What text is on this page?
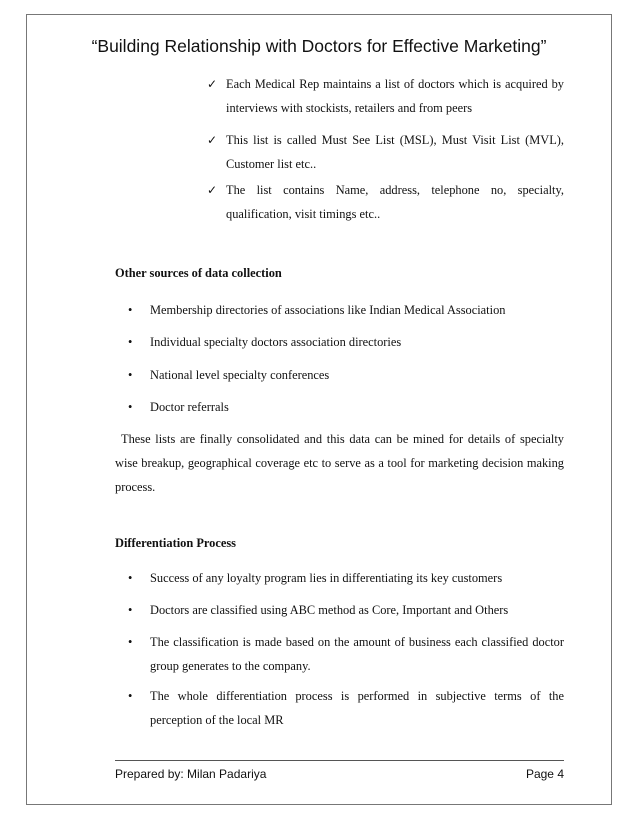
“Building Relationship with Doctors for Effective Marketing”
✓ Each Medical Rep maintains a list of doctors which is acquired by interviews with stockists, retailers and from peers
✓ This list is called Must See List (MSL), Must Visit List (MVL), Customer list etc..
✓ The list contains Name, address, telephone no, specialty, qualification, visit timings etc..
Other sources of data collection
• Membership directories of associations like Indian Medical Association
• Individual specialty doctors association directories
• National level specialty conferences
• Doctor referrals
These lists are finally consolidated and this data can be mined for details of specialty wise breakup, geographical coverage etc to serve as a tool for marketing decision making process.
Differentiation Process
• Success of any loyalty program lies in differentiating its key customers
• Doctors are classified using ABC method as Core, Important and Others
• The classification is made based on the amount of business each classified doctor group generates to the company.
• The whole differentiation process is performed in subjective terms of the perception of the local MR
Prepared by: Milan Padariya	Page 4
